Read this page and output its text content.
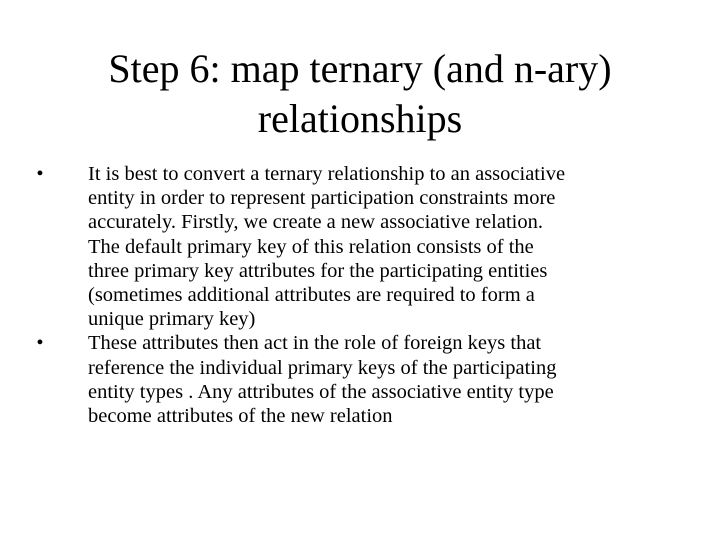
Step 6: map ternary (and n-ary)
relationships
•	It is best to convert a ternary relationship to an associative
entity in order to represent participation constraints more
accurately. Firstly, we create a new associative relation.
The default primary key of this relation consists of the
three primary key attributes for the participating entities
(sometimes additional attributes are required to form a
unique primary key)
•	These attributes then act in the role of foreign keys that
reference the individual primary keys of the participating
entity types . Any attributes of the associative entity type
become attributes of the new relation
